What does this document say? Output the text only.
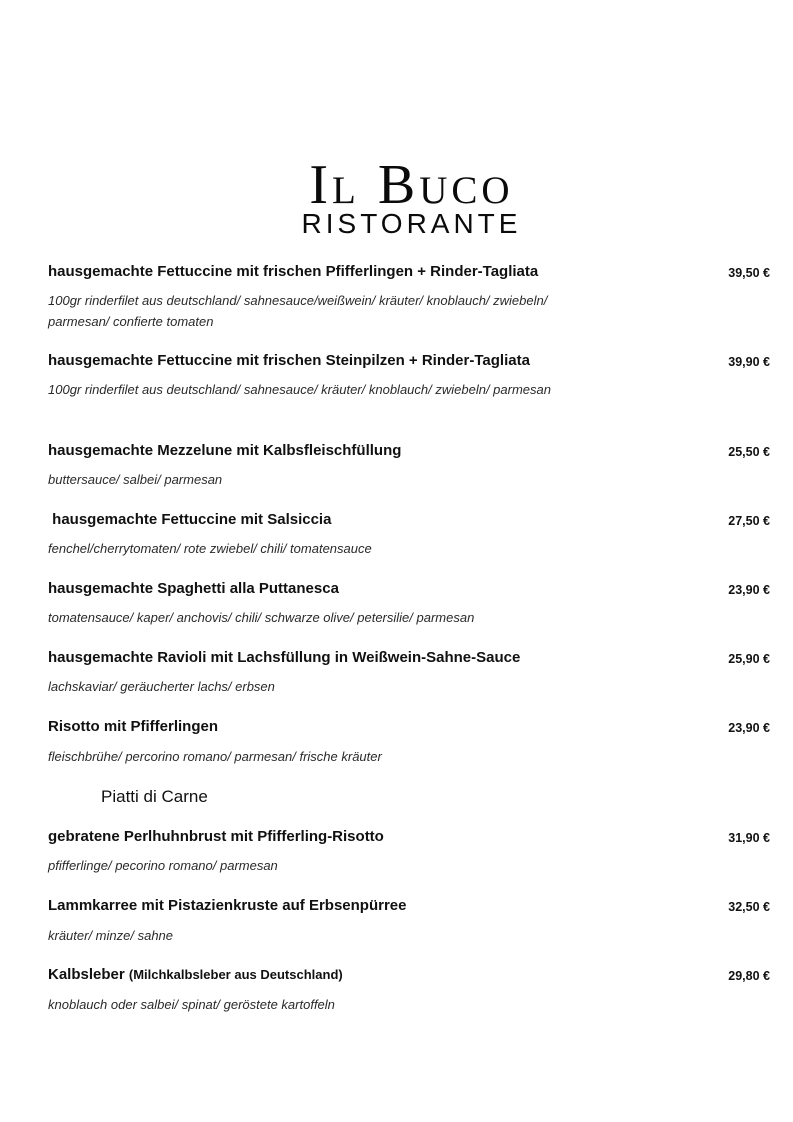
Il Buco
RISTORANTE
hausgemachte Fettuccine mit frischen Pfifferlingen + Rinder-Tagliata	39,50 €
100gr rinderfilet aus deutschland/ sahnesauce/weißwein/ kräuter/ knoblauch/ zwiebeln/ parmesan/ confierte tomaten
hausgemachte Fettuccine mit frischen Steinpilzen + Rinder-Tagliata	39,90 €
100gr rinderfilet aus deutschland/ sahnesauce/ kräuter/ knoblauch/ zwiebeln/ parmesan
hausgemachte Mezzelune mit Kalbsfleischfüllung	25,50 €
buttersauce/ salbei/ parmesan
hausgemachte Fettuccine mit Salsiccia	27,50 €
fenchel/cherrytomaten/ rote zwiebel/ chili/ tomatensauce
hausgemachte Spaghetti alla Puttanesca	23,90 €
tomatensauce/ kaper/ anchovis/ chili/ schwarze olive/ petersilie/ parmesan
hausgemachte Ravioli mit Lachsfüllung in Weißwein-Sahne-Sauce	25,90 €
lachskaviar/ geräucherter lachs/ erbsen
Risotto mit Pfifferlingen	23,90 €
fleischbrühe/ percorino romano/ parmesan/ frische kräuter
Piatti di Carne
gebratene Perlhuhnbrust mit Pfifferling-Risotto	31,90 €
pfifferlinge/ pecorino romano/ parmesan
Lammkarree mit Pistazienkruste auf Erbsenpürree	32,50 €
kräuter/ minze/ sahne
Kalbsleber (Milchkalbsleber aus Deutschland)	29,80 €
knoblauch oder salbei/ spinat/ geröstete kartoffeln
